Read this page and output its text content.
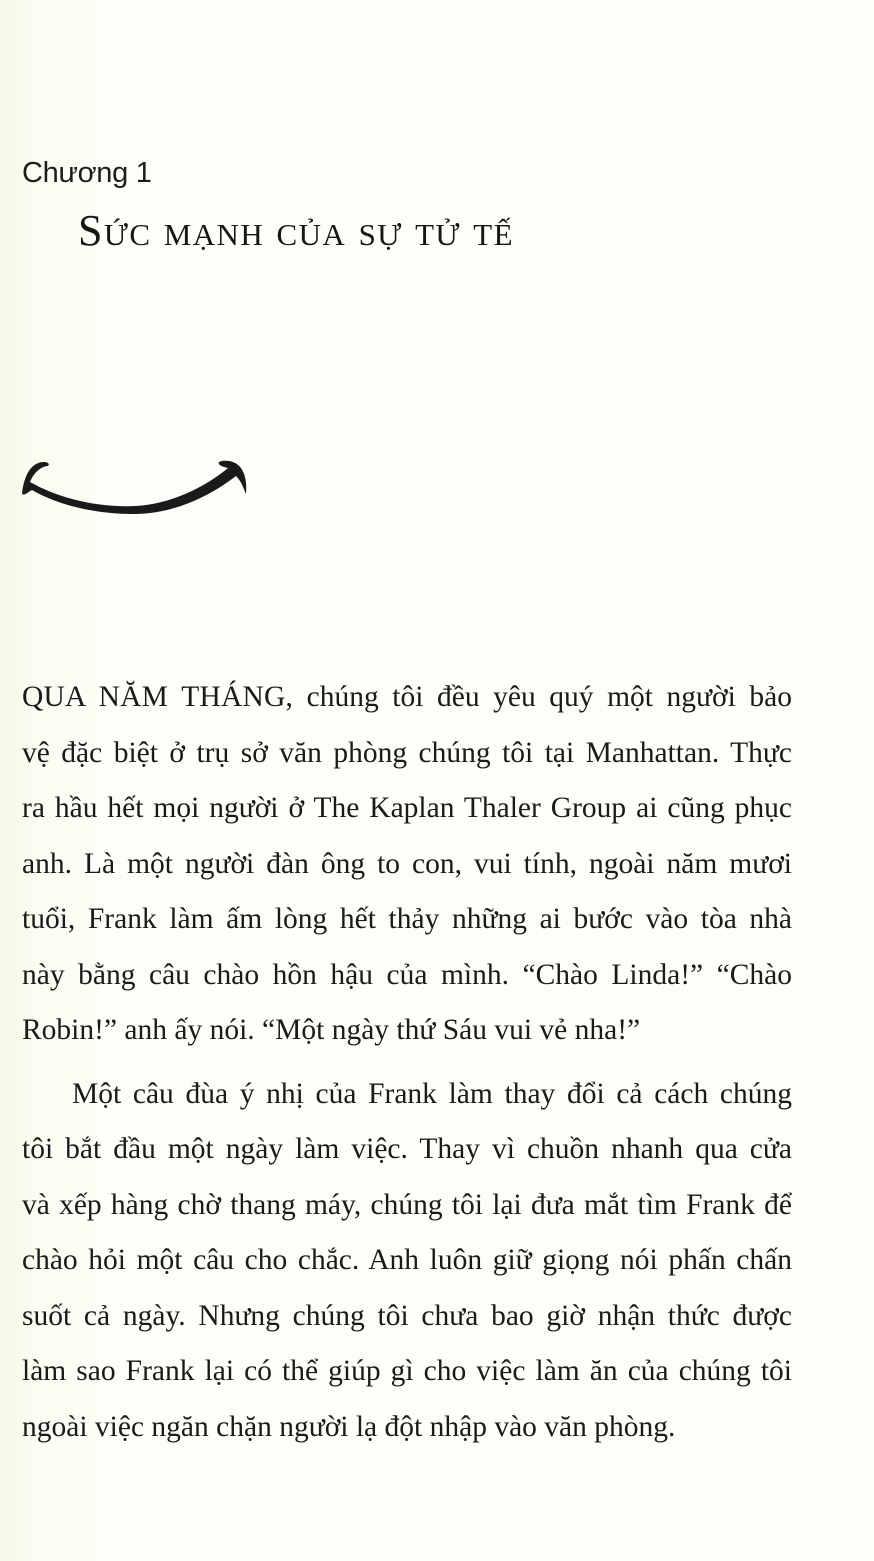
Chương 1
Sức mạnh của sự tử tế
QUA NĂM THÁNG, chúng tôi đều yêu quý một người bảo
vệ đặc biệt ở trụ sở văn phòng chúng tôi tại Manhattan. Thực
ra hầu hết mọi người ở The Kaplan Thaler Group ai cũng phục
anh. Là một người đàn ông to con, vui tính, ngoài năm mươi
tuổi, Frank làm ấm lòng hết thảy những ai bước vào tòa nhà
này bằng câu chào hồn hậu của mình. “Chào Linda!” “Chào
Robin!” anh ấy nói. “Một ngày thứ Sáu vui vẻ nha!”
Một câu đùa ý nhị của Frank làm thay đổi cả cách chúng
tôi bắt đầu một ngày làm việc. Thay vì chuồn nhanh qua cửa
và xếp hàng chờ thang máy, chúng tôi lại đưa mắt tìm Frank để
chào hỏi một câu cho chắc. Anh luôn giữ giọng nói phấn chấn
suốt cả ngày. Nhưng chúng tôi chưa bao giờ nhận thức được
làm sao Frank lại có thể giúp gì cho việc làm ăn của chúng tôi
ngoài việc ngăn chặn người lạ đột nhập vào văn phòng.
